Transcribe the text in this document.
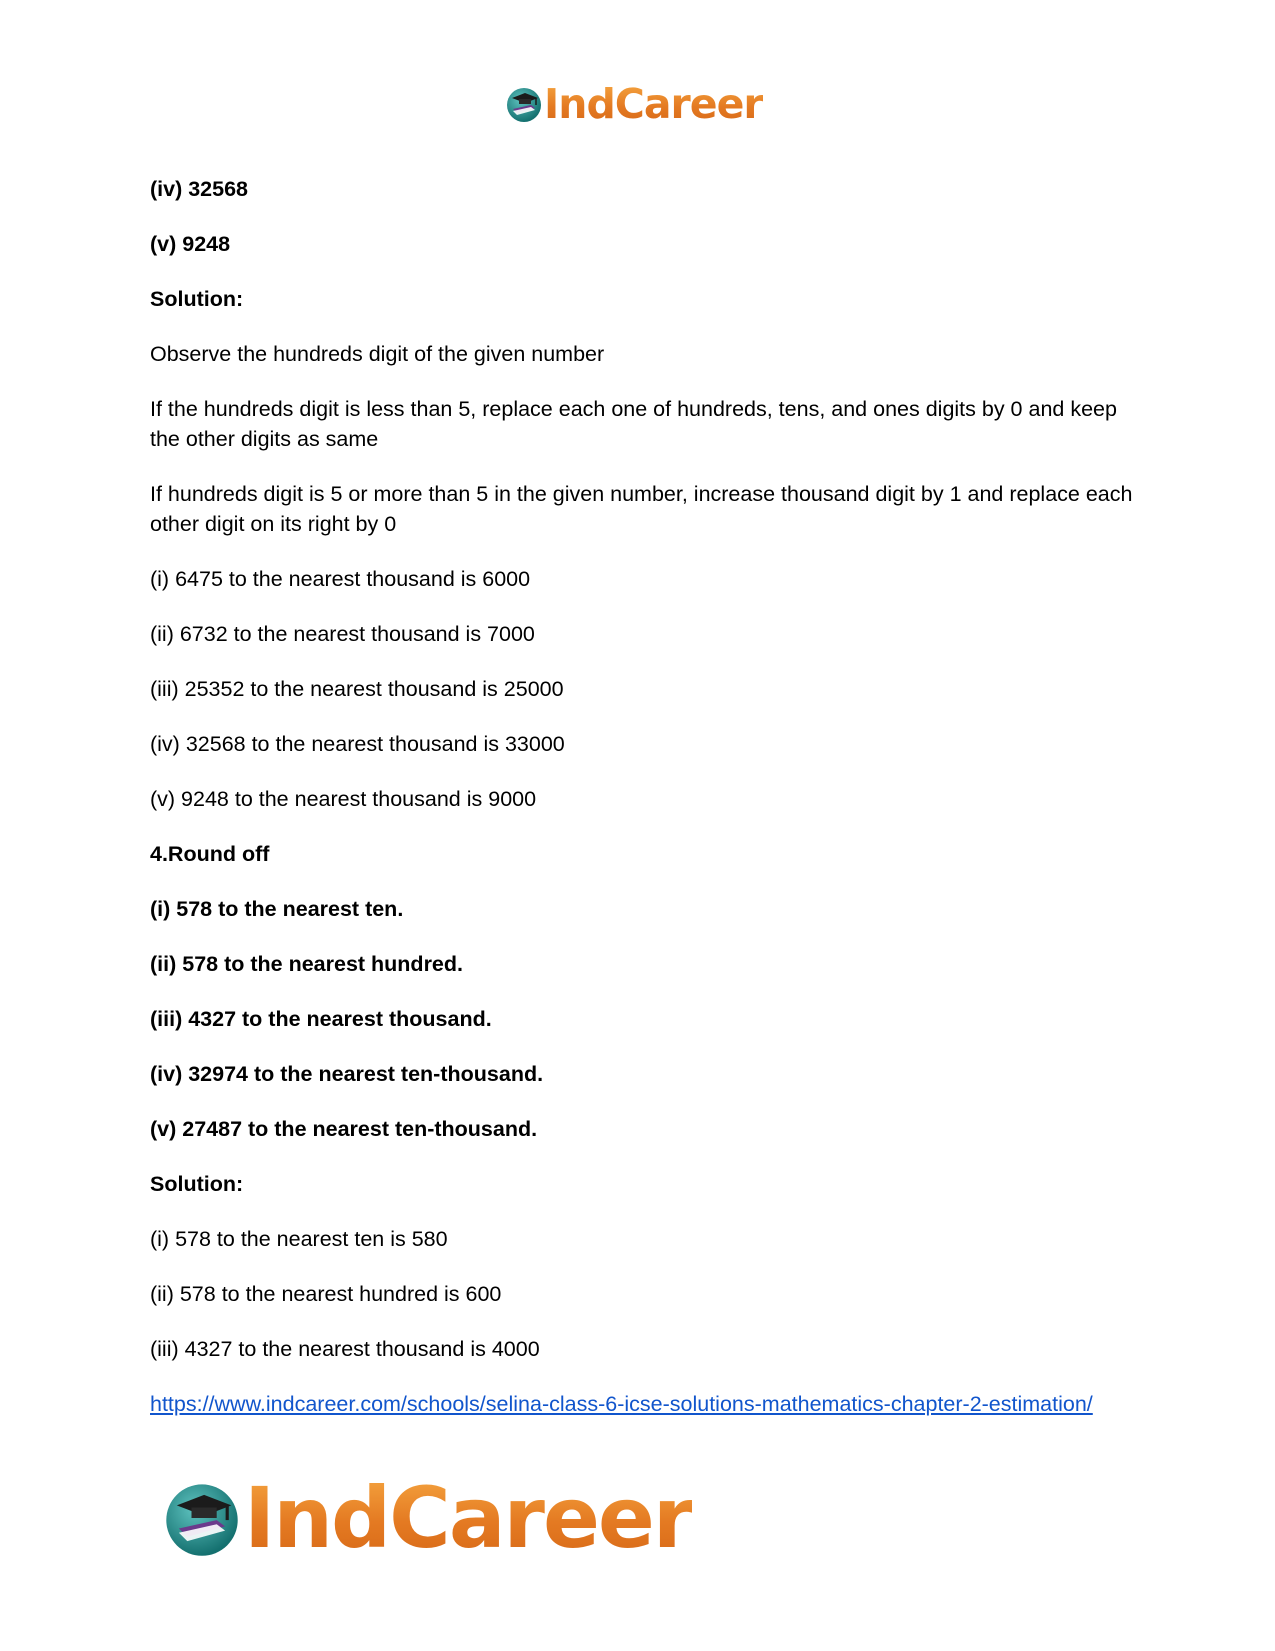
IndCareer

(iv) 32568

(v) 9248

Solution:

Observe the hundreds digit of the given number

If the hundreds digit is less than 5, replace each one of hundreds, tens, and ones digits by 0 and keep the other digits as same

If hundreds digit is 5 or more than 5 in the given number, increase thousand digit by 1 and replace each other digit on its right by 0

(i) 6475 to the nearest thousand is 6000

(ii) 6732 to the nearest thousand is 7000

(iii) 25352 to the nearest thousand is 25000

(iv) 32568 to the nearest thousand is 33000

(v) 9248 to the nearest thousand is 9000

4.Round off

(i) 578 to the nearest ten.

(ii) 578 to the nearest hundred.

(iii) 4327 to the nearest thousand.

(iv) 32974 to the nearest ten-thousand.

(v) 27487 to the nearest ten-thousand.

Solution:

(i) 578 to the nearest ten is 580

(ii) 578 to the nearest hundred is 600

(iii) 4327 to the nearest thousand is 4000

https://www.indcareer.com/schools/selina-class-6-icse-solutions-mathematics-chapter-2-estimation/

IndCareer
